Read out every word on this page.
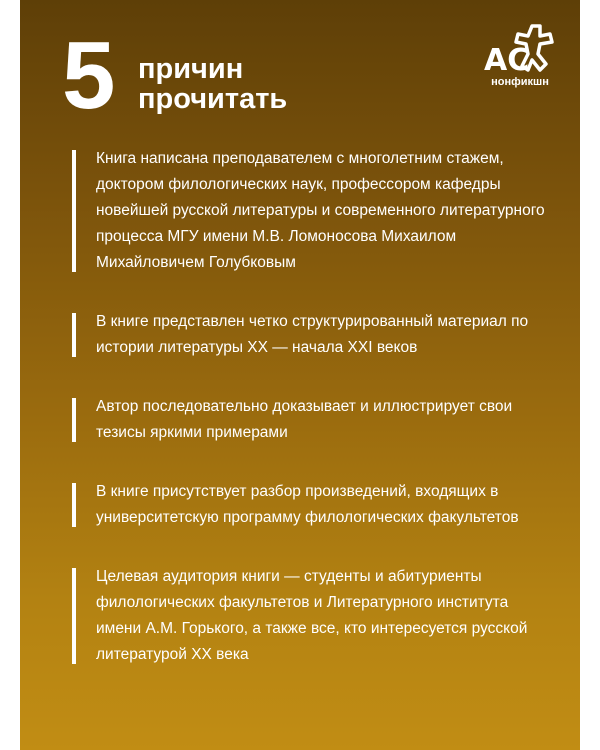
5 причин
прочитать
АС
нонфикшн
Книга написана преподавателем с многолетним стажем, доктором филологических наук, профессором кафедры новейшей русской литературы и современного литературного процесса МГУ имени М.В. Ломоносова Михаилом Михайловичем Голубковым
В книге представлен четко структурированный материал по истории литературы XX — начала XXI веков
Автор последовательно доказывает и иллюстрирует свои тезисы яркими примерами
В книге присутствует разбор произведений, входящих в университетскую программу филологических факультетов
Целевая аудитория книги — студенты и абитуриенты филологических факультетов и Литературного института имени А.М. Горького, а также все, кто интересуется русской литературой XX века
